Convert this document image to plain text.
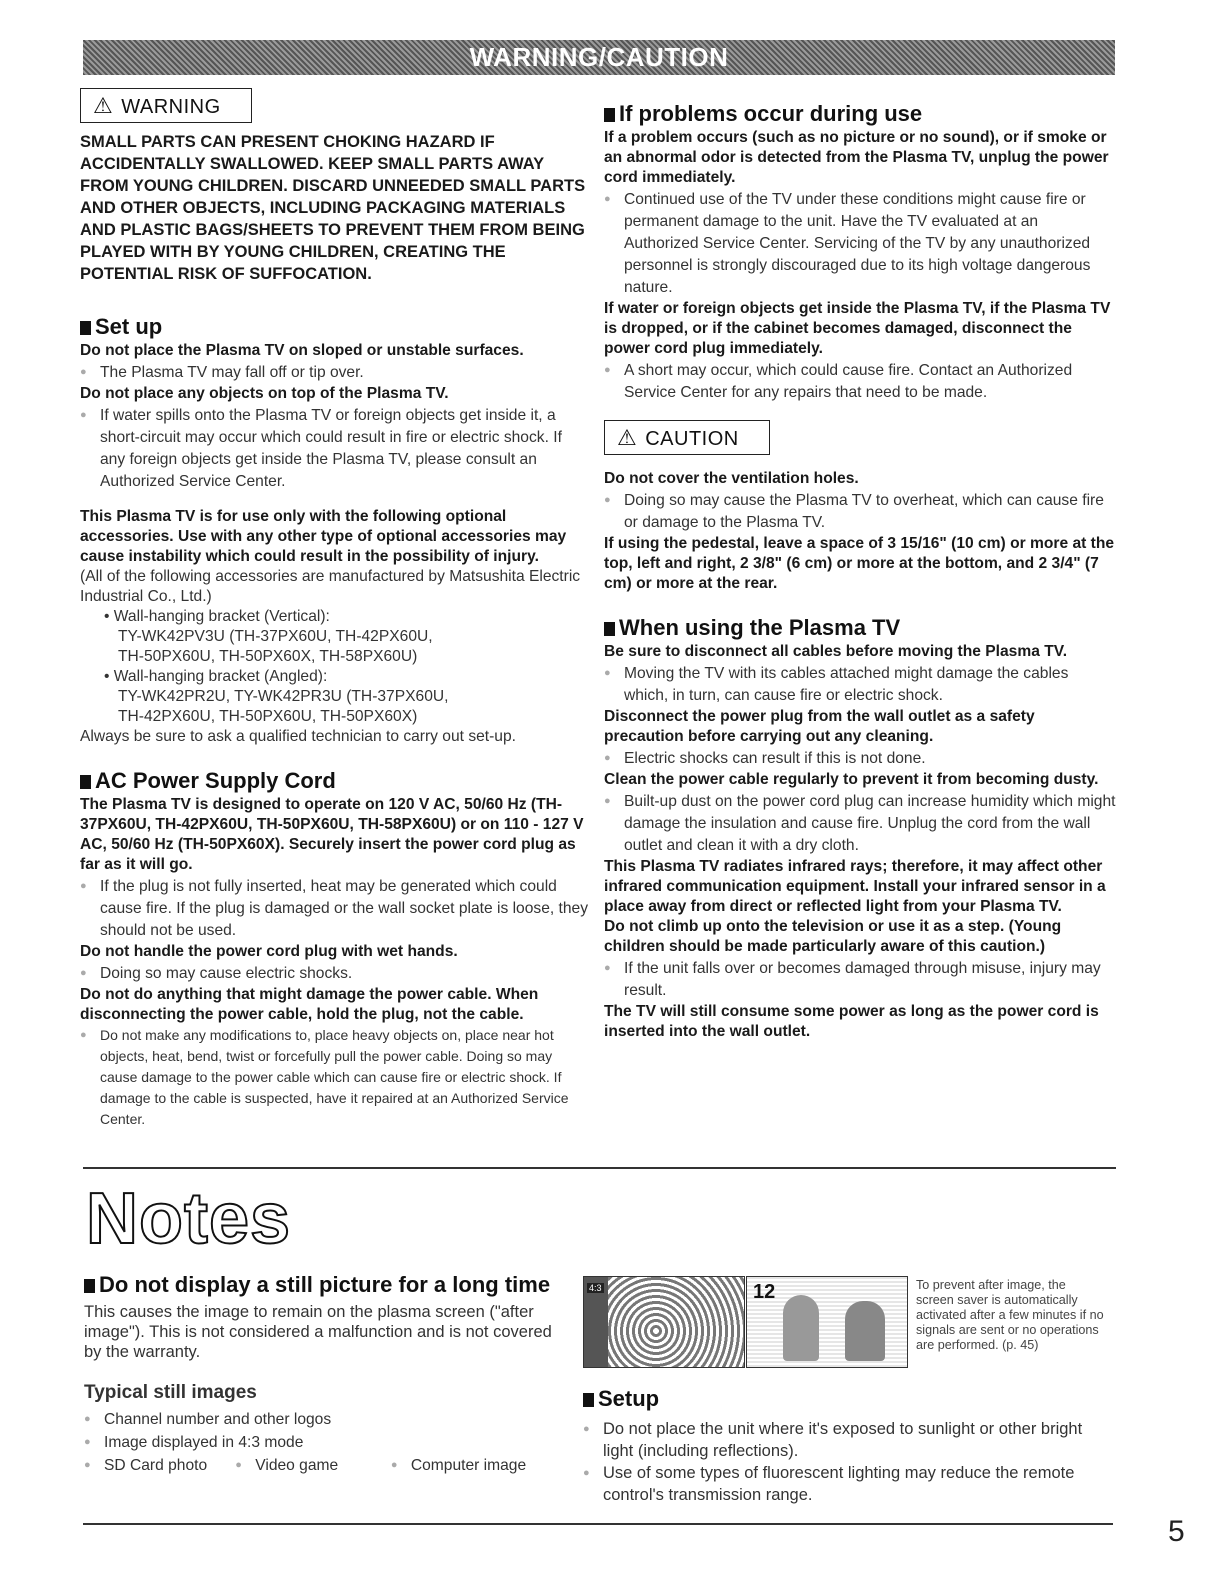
WARNING/CAUTION
⚠ WARNING

SMALL PARTS CAN PRESENT CHOKING HAZARD IF ACCIDENTALLY SWALLOWED. KEEP SMALL PARTS AWAY FROM YOUNG CHILDREN. DISCARD UNNEEDED SMALL PARTS AND OTHER OBJECTS, INCLUDING PACKAGING MATERIALS AND PLASTIC BAGS/SHEETS TO PREVENT THEM FROM BEING PLAYED WITH BY YOUNG CHILDREN, CREATING THE POTENTIAL RISK OF SUFFOCATION.

Set up

Do not place the Plasma TV on sloped or unstable surfaces.

● The Plasma TV may fall off or tip over.

Do not place any objects on top of the Plasma TV.

● If water spills onto the Plasma TV or foreign objects get inside it, a short-circuit may occur which could result in fire or electric shock. If any foreign objects get inside the Plasma TV, please consult an Authorized Service Center.

This Plasma TV is for use only with the following optional accessories. Use with any other type of optional accessories may cause instability which could result in the possibility of injury.

(All of the following accessories are manufactured by Matsushita Electric Industrial Co., Ltd.)

• Wall-hanging bracket (Vertical):

TY-WK42PV3U (TH-37PX60U, TH-42PX60U,

TH-50PX60U, TH-50PX60X, TH-58PX60U)

• Wall-hanging bracket (Angled):

TY-WK42PR2U, TY-WK42PR3U (TH-37PX60U,

TH-42PX60U, TH-50PX60U, TH-50PX60X)

Always be sure to ask a qualified technician to carry out set-up.

AC Power Supply Cord

The Plasma TV is designed to operate on 120 V AC, 50/60 Hz (TH-37PX60U, TH-42PX60U, TH-50PX60U, TH-58PX60U) or on 110 - 127 V AC, 50/60 Hz (TH-50PX60X). Securely insert the power cord plug as far as it will go.

● If the plug is not fully inserted, heat may be generated which could cause fire. If the plug is damaged or the wall socket plate is loose, they should not be used.

Do not handle the power cord plug with wet hands.

● Doing so may cause electric shocks.

Do not do anything that might damage the power cable. When disconnecting the power cable, hold the plug, not the cable.

● Do not make any modifications to, place heavy objects on, place near hot objects, heat, bend, twist or forcefully pull the power cable. Doing so may cause damage to the power cable which can cause fire or electric shock. If damage to the cable is suspected, have it repaired at an Authorized Service Center.

If problems occur during use

If a problem occurs (such as no picture or no sound), or if smoke or an abnormal odor is detected from the Plasma TV, unplug the power cord immediately.

● Continued use of the TV under these conditions might cause fire or permanent damage to the unit. Have the TV evaluated at an Authorized Service Center. Servicing of the TV by any unauthorized personnel is strongly discouraged due to its high voltage dangerous nature.

If water or foreign objects get inside the Plasma TV, if the Plasma TV is dropped, or if the cabinet becomes damaged, disconnect the power cord plug immediately.

● A short may occur, which could cause fire. Contact an Authorized Service Center for any repairs that need to be made.

⚠ CAUTION

Do not cover the ventilation holes.

● Doing so may cause the Plasma TV to overheat, which can cause fire or damage to the Plasma TV.

If using the pedestal, leave a space of 3 15/16" (10 cm) or more at the top, left and right, 2 3/8" (6 cm) or more at the bottom, and 2 3/4" (7 cm) or more at the rear.

When using the Plasma TV

Be sure to disconnect all cables before moving the Plasma TV.

● Moving the TV with its cables attached might damage the cables which, in turn, can cause fire or electric shock.

Disconnect the power plug from the wall outlet as a safety precaution before carrying out any cleaning.

● Electric shocks can result if this is not done.

Clean the power cable regularly to prevent it from becoming dusty.

● Built-up dust on the power cord plug can increase humidity which might damage the insulation and cause fire. Unplug the cord from the wall outlet and clean it with a dry cloth.

This Plasma TV radiates infrared rays; therefore, it may affect other infrared communication equipment. Install your infrared sensor in a place away from direct or reflected light from your Plasma TV.

Do not climb up onto the television or use it as a step. (Young children should be made particularly aware of this caution.)

● If the unit falls over or becomes damaged through misuse, injury may result.

The TV will still consume some power as long as the power cord is inserted into the wall outlet.

Notes
Do not display a still picture for a long time

This causes the image to remain on the plasma screen ("after image"). This is not considered a malfunction and is not covered by the warranty.

Typical still images

● Channel number and other logos

● Image displayed in 4:3 mode

● SD Card photo	● Video game	● Computer image
4:3	12	To prevent after image, the screen saver is automatically activated after a few minutes if no signals are sent or no operations are performed. (p. 45)

Setup

● Do not place the unit where it's exposed to sunlight or other bright light (including reflections).

● Use of some types of fluorescent lighting may reduce the remote control's transmission range.

5
